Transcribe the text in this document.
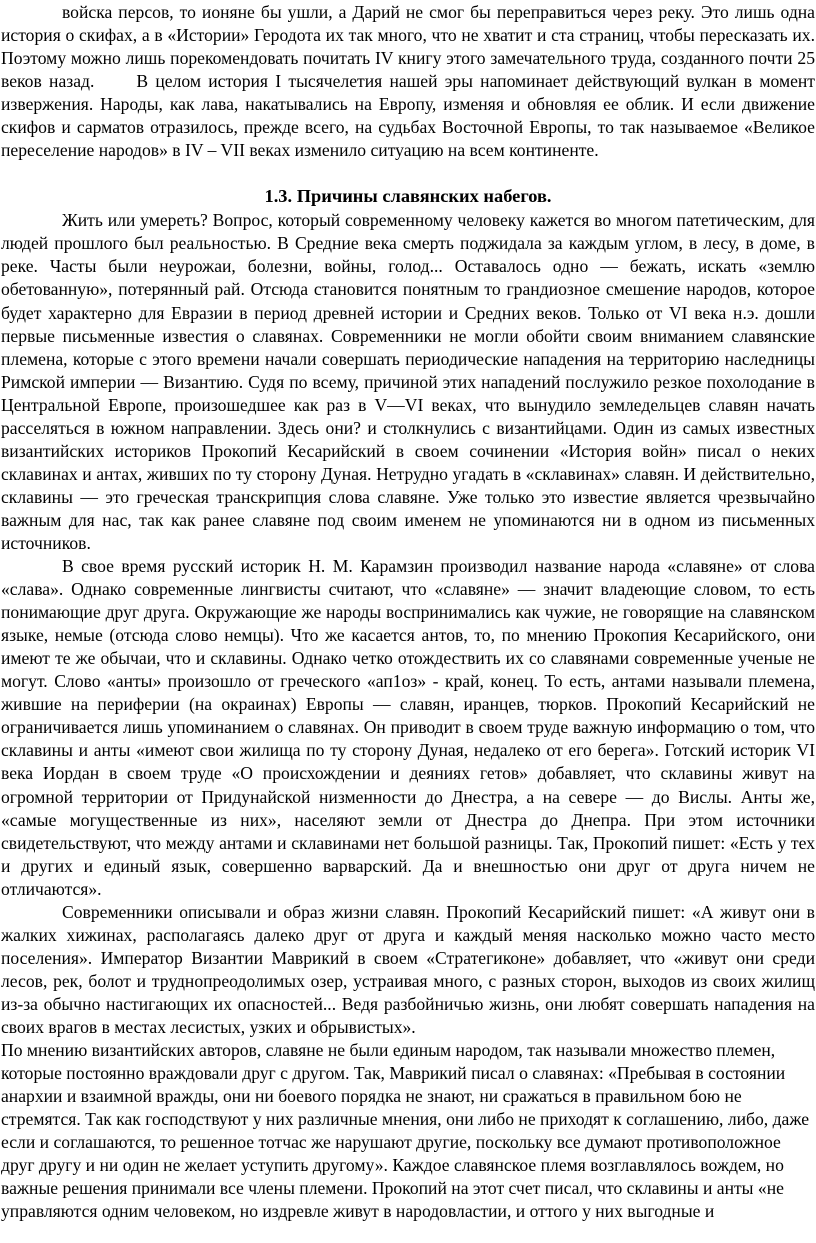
войска персов, то ионяне бы ушли, а Дарий не смог бы переправиться через реку. Это лишь одна история о скифах, а в «Истории» Геродота их так много, что не хватит и ста страниц, чтобы пересказать их. Поэтому можно лишь порекомендовать почитать IV книгу этого замечательного труда, созданного почти 25 веков назад. В целом история I тысячелетия нашей эры напоминает действующий вулкан в момент извержения. Народы, как лава, накатывались на Европу, изменяя и обновляя ее облик. И если движение скифов и сарматов отразилось, прежде всего, на судьбах Восточной Европы, то так называемое «Великое переселение народов» в IV – VII веках изменило ситуацию на всем континенте.

1.3. Причины славянских набегов.

Жить или умереть? Вопрос, который современному человеку кажется во многом патетическим, для людей прошлого был реальностью. В Средние века смерть поджидала за каждым углом, в лесу, в доме, в реке. Часты были неурожаи, болезни, войны, голод... Оставалось одно — бежать, искать «землю обетованную», потерянный рай. Отсюда становится понятным то грандиозное смешение народов, которое будет характерно для Евразии в период древней истории и Средних веков. Только от VI века н.э. дошли первые письменные известия о славянах. Современники не могли обойти своим вниманием славянские племена, которые с этого времени начали совершать периодические нападения на территорию наследницы Римской империи — Византию. Судя по всему, причиной этих нападений послужило резкое похолодание в Центральной Европе, произошедшее как раз в V—VI веках, что вынудило земледельцев славян начать расселяться в южном направлении. Здесь они? и столкнулись с византийцами. Один из самых известных византийских историков Прокопий Кесарийский в своем сочинении «История войн» писал о неких склавинах и антах, живших по ту сторону Дуная. Нетрудно угадать в «склавинах» славян. И действительно, склавины — это греческая транскрипция слова славяне. Уже только это известие является чрезвычайно важным для нас, так как ранее славяне под своим именем не упоминаются ни в одном из письменных источников.

В свое время русский историк Н. М. Карамзин производил название народа «славяне» от слова «слава». Однако современные лингвисты считают, что «славяне» — значит владеющие словом, то есть понимающие друг друга. Окружающие же народы воспринимались как чужие, не говорящие на славянском языке, немые (отсюда слово немцы). Что же касается антов, то, по мнению Прокопия Кесарийского, они имеют те же обычаи, что и склавины. Однако четко отождествить их со славянами современные ученые не могут. Слово «анты» произошло от греческого «ап1оз» - край, конец. То есть, антами называли племена, жившие на периферии (на окраинах) Европы — славян, иранцев, тюрков. Прокопий Кесарийский не ограничивается лишь упоминанием о славянах. Он приводит в своем труде важную информацию о том, что склавины и анты «имеют свои жилища по ту сторону Дуная, недалеко от его берега». Готский историк VI века Иордан в своем труде «О происхождении и деяниях гетов» добавляет, что склавины живут на огромной территории от Придунайской низменности до Днестра, а на севере — до Вислы. Анты же, «самые могущественные из них», населяют земли от Днестра до Днепра. При этом источники свидетельствуют, что между антами и склавинами нет большой разницы. Так, Прокопий пишет: «Есть у тех и других и единый язык, совершенно варварский. Да и внешностью они друг от друга ничем не отличаются».

Современники описывали и образ жизни славян. Прокопий Кесарийский пишет: «А живут они в жалких хижинах, располагаясь далеко друг от друга и каждый меняя насколько можно часто место поселения». Император Византии Маврикий в своем «Стратегиконе» добавляет, что «живут они среди лесов, рек, болот и труднопреодолимых озер, устраивая много, с разных сторон, выходов из своих жилищ из-за обычно настигающих их опасностей... Ведя разбойничью жизнь, они любят совершать нападения на своих врагов в местах лесистых, узких и обрывистых».

По мнению византийских авторов, славяне не были единым народом, так называли множество племен, которые постоянно враждовали друг с другом. Так, Маврикий писал о славянах: «Пребывая в состоянии анархии и взаимной вражды, они ни боевого порядка не знают, ни сражаться в правильном бою не стремятся. Так как господствуют у них различные мнения, они либо не приходят к соглашению, либо, даже если и соглашаются, то решенное тотчас же нарушают другие, поскольку все думают противоположное друг другу и ни один не желает уступить другому». Каждое славянское племя возглавлялось вождем, но важные решения принимали все члены племени. Прокопий на этот счет писал, что склавины и анты «не управляются одним человеком, но издревле живут в народовластии, и оттого у них выгодные и
